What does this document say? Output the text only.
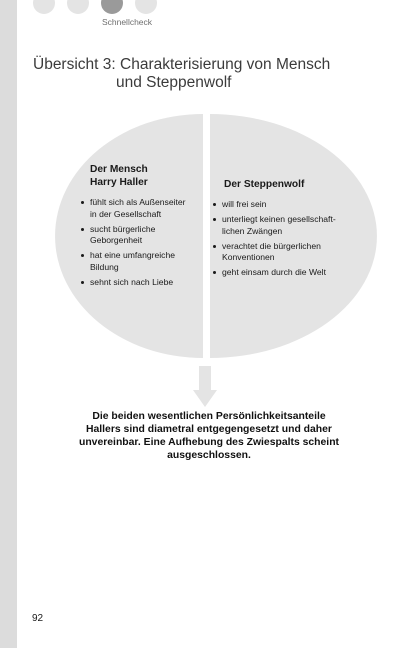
Schnellcheck
Übersicht 3: Charakterisierung von Mensch
und Steppenwolf
Der Mensch
Harry Haller
fühlt sich als Außenseiter
in der Gesellschaft
sucht bürgerliche
Geborgenheit
hat eine umfangreiche
Bildung
sehnt sich nach Liebe
Der Steppenwolf
will frei sein
unterliegt keinen gesellschaft-
lichen Zwängen
verachtet die bürgerlichen
Konventionen
geht einsam durch die Welt
Die beiden wesentlichen Persönlichkeitsanteile
Hallers sind diametral entgegengesetzt und daher
unvereinbar. Eine Aufhebung des Zwiespalts scheint
ausgeschlossen.
92
